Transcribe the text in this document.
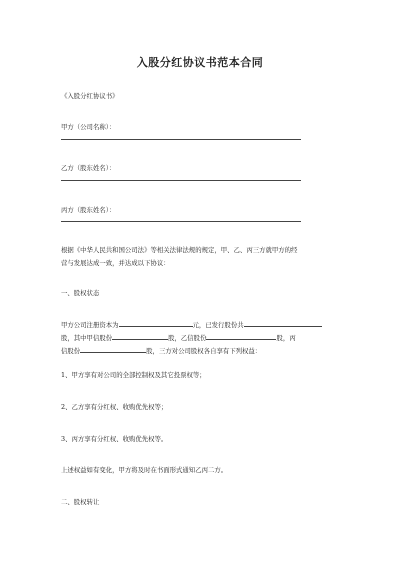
入股分红协议书范本合同
《入股分红协议书》
甲方（公司名称）：
乙方（股东姓名）：
丙方（股东姓名）：
根据《中华人民共和国公司法》等相关法律法规的规定，甲、乙、丙三方就甲方的经
营与发展达成一致，并达成以下协议：
一、股权状态
甲方公司注册资本为	元，已发行股份共
股，其中甲信股份	股，乙信股份	股，丙
信股份	股，三方对公司股权各自享有下列权益：
1、甲方享有对公司的全部控制权及其它投票权等；
2、乙方享有分红权、收购优先权等；
3、丙方享有分红权、收购优先权等。
上述权益如有变化，甲方将及时在书面形式通知乙丙二方。
二、股权转让
